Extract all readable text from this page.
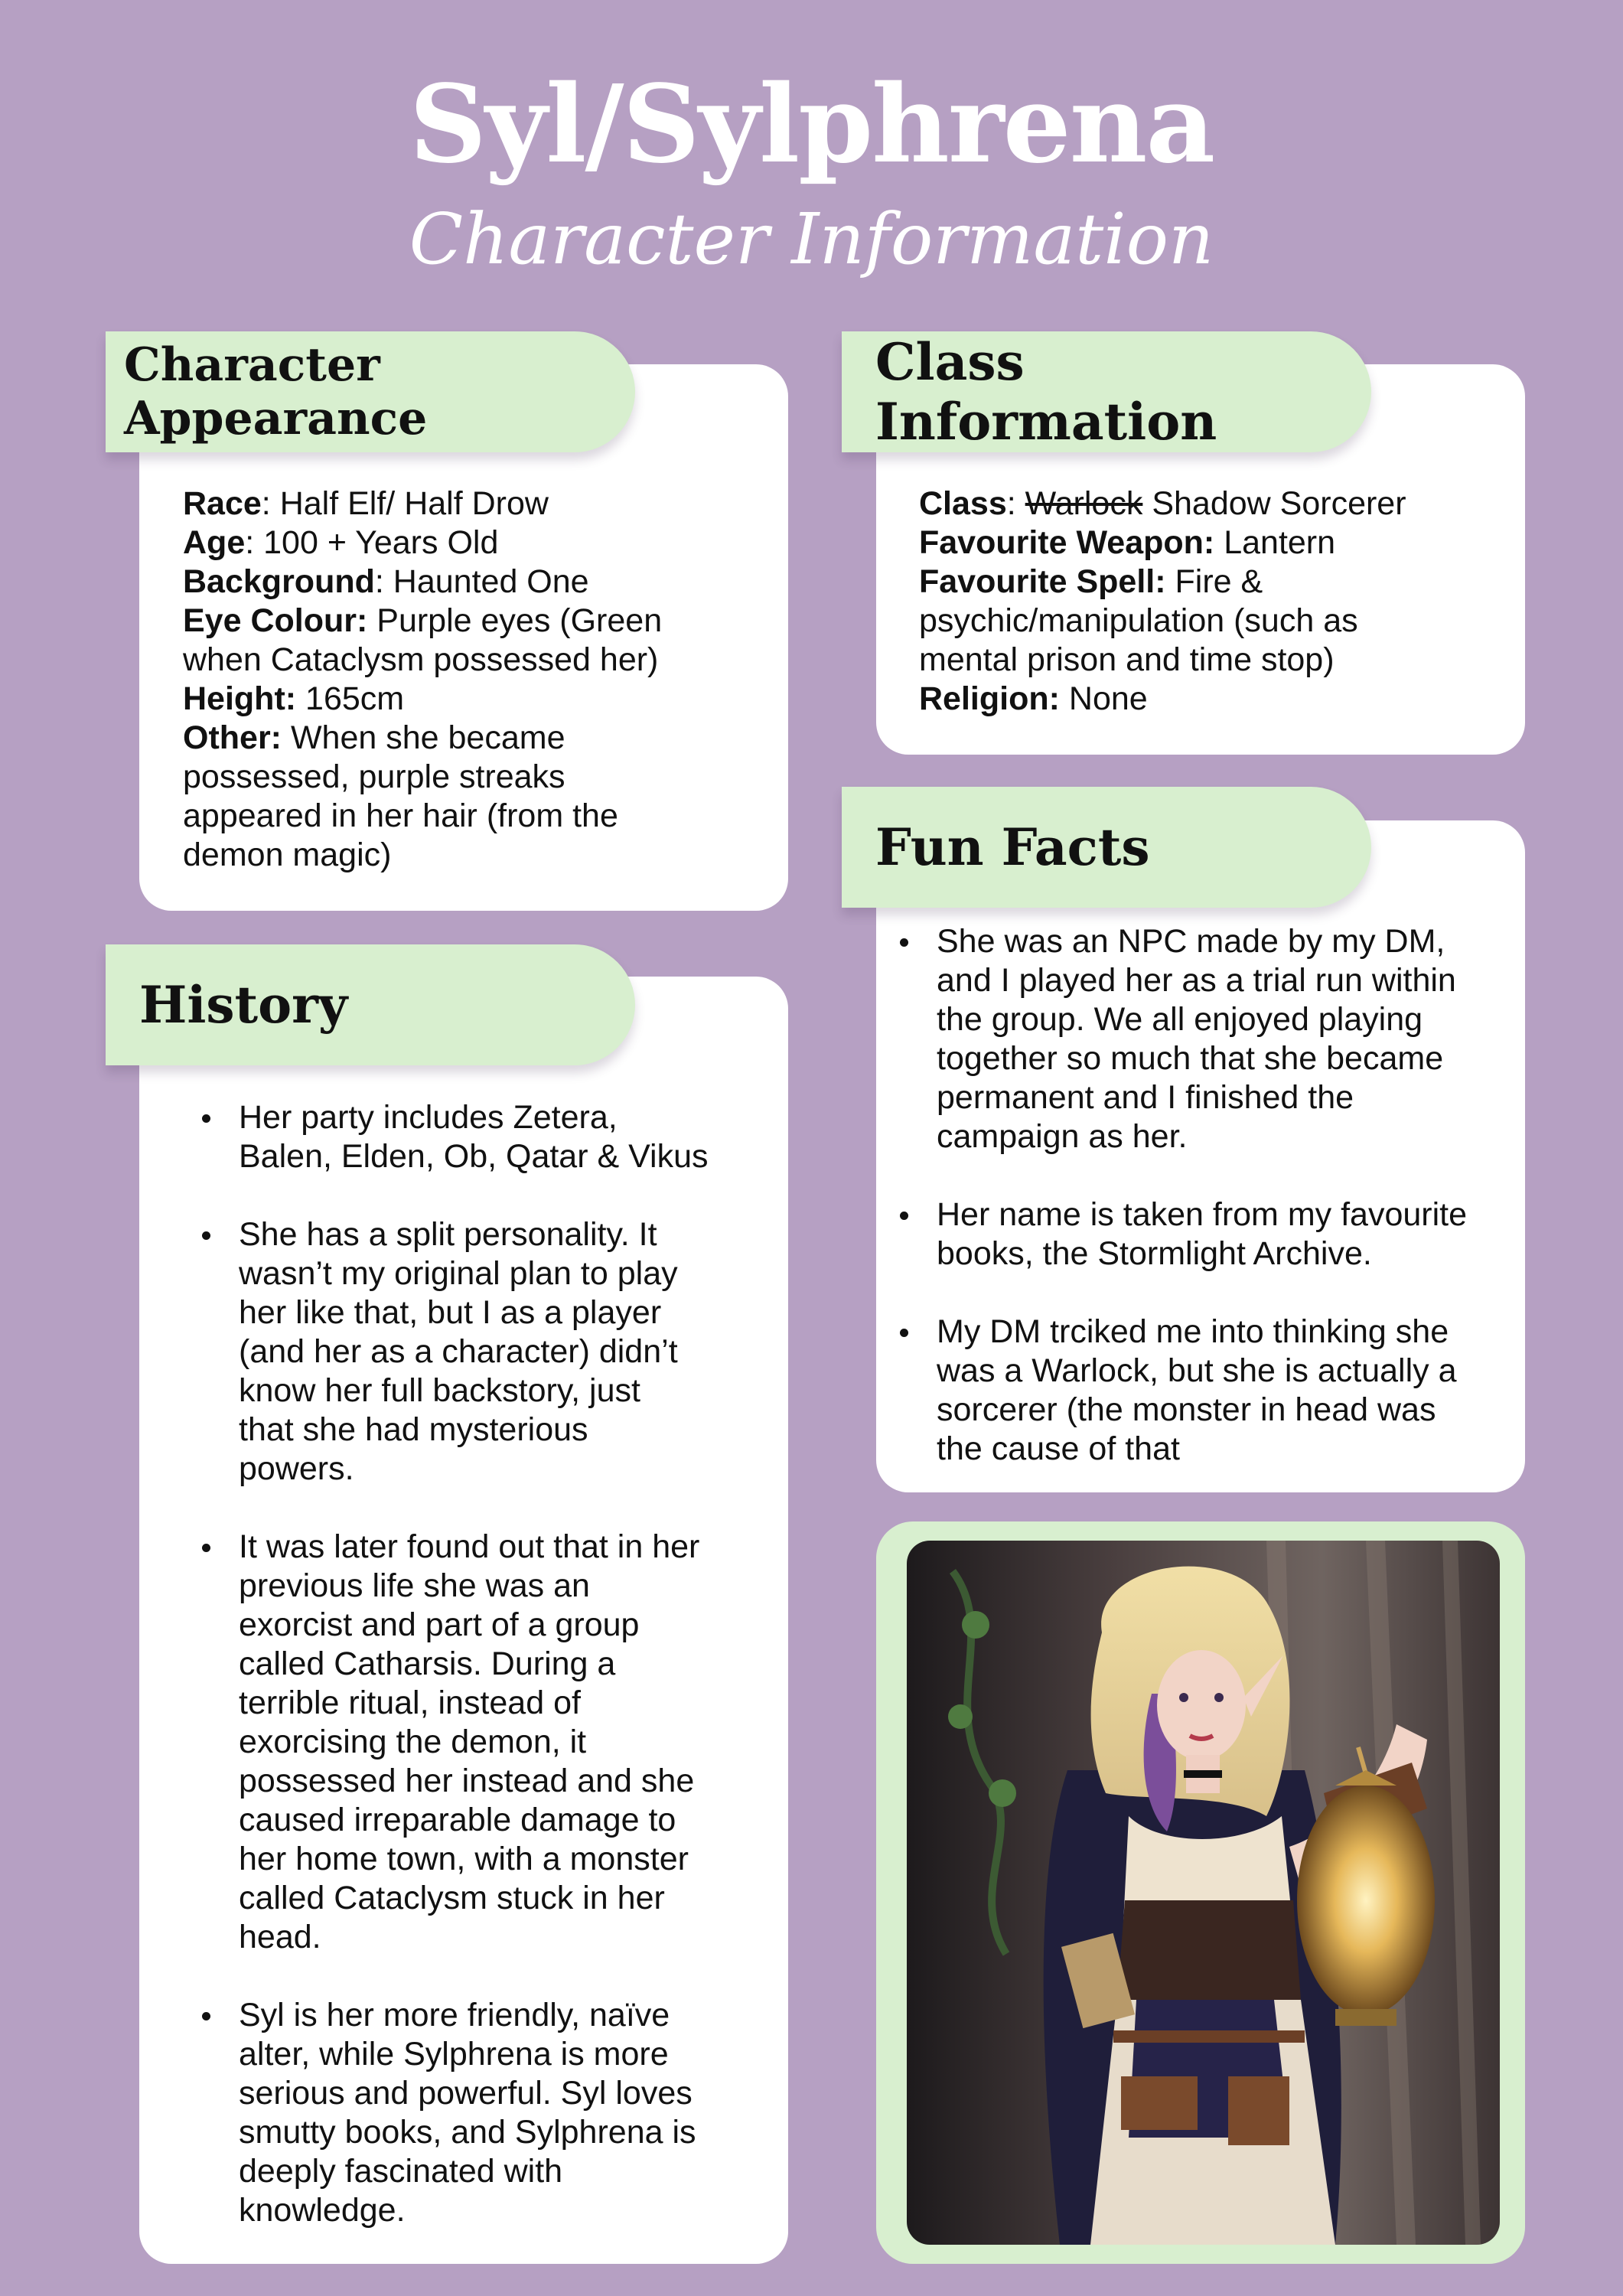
Syl/Sylphrena
Character Information
Character Appearance
Race: Half Elf/ Half Drow
Age: 100 + Years Old
Background: Haunted One
Eye Colour: Purple eyes (Green
when Cataclysm possessed her)
Height: 165cm
Other: When she became
possessed, purple streaks
appeared in her hair (from the
demon magic)
Class Information
Class: Warlock Shadow Sorcerer
Favourite Weapon: Lantern
Favourite Spell: Fire &
psychic/manipulation (such as
mental prison and time stop)
Religion: None
Fun Facts
She was an NPC made by my DM,
and I played her as a trial run within
the group. We all enjoyed playing
together so much that she became
permanent and I finished the
campaign as her.
Her name is taken from my favourite
books, the Stormlight Archive.
My DM trciked me into thinking she
was a Warlock, but she is actually a
sorcerer (the monster in head was
the cause of that
History
Her party includes Zetera,
Balen, Elden, Ob, Qatar & Vikus
She has a split personality. It
wasn’t my original plan to play
her like that, but I as a player
(and her as a character) didn’t
know her full backstory, just
that she had mysterious
powers.
It was later found out that in her
previous life she was an
exorcist and part of a group
called Catharsis. During a
terrible ritual, instead of
exorcising the demon, it
possessed her instead and she
caused irreparable damage to
her home town, with a monster
called Cataclysm stuck in her
head.
Syl is her more friendly, naïve
alter, while Sylphrena is more
serious and powerful. Syl loves
smutty books, and Sylphrena is
deeply fascinated with
knowledge.
